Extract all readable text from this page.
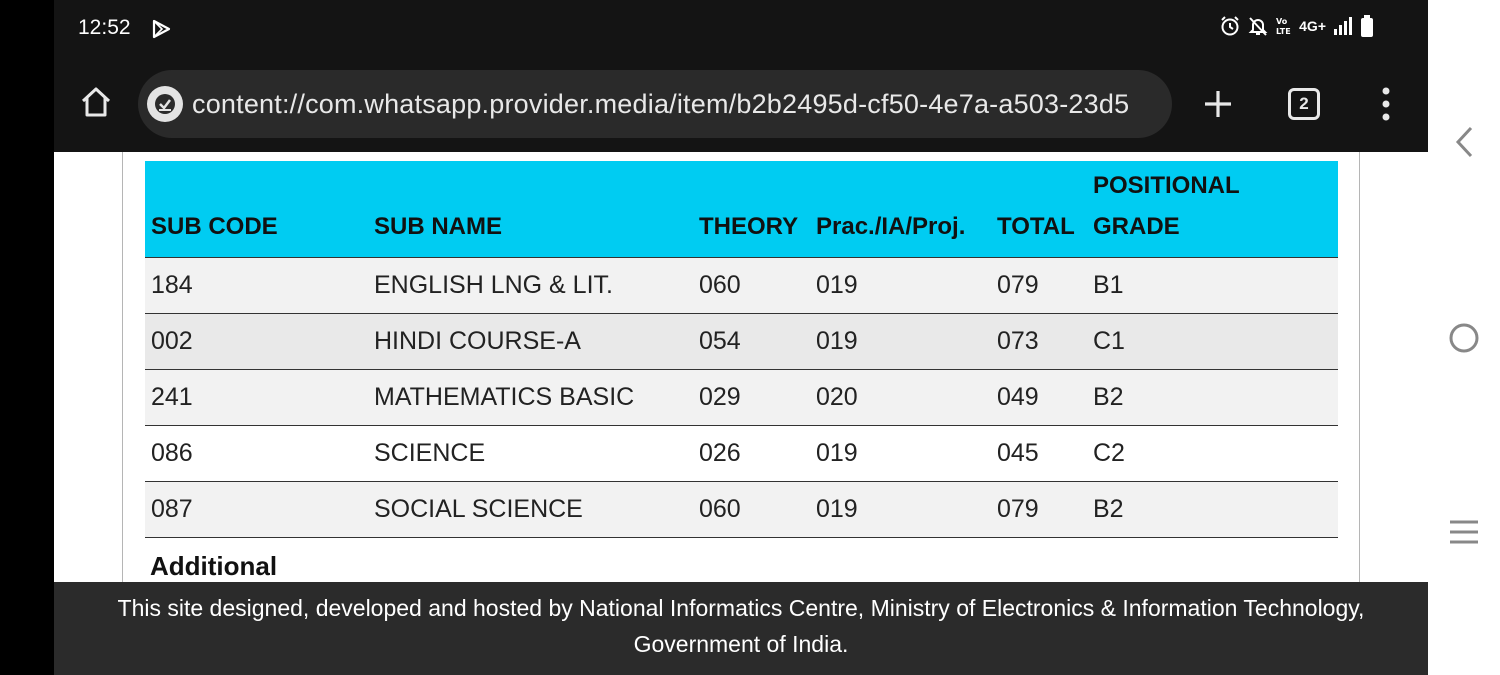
12:52	Vo
LTE 4G+
content://com.whatsapp.provider.media/item/b2b2495d-cf50-4e7a-a503-23d5	2
SUB CODE	SUB NAME	THEORY	Prac./IA/Proj.	TOTAL	POSITIONAL
GRADE
184	ENGLISH LNG & LIT.	060	019	079	B1
002	HINDI COURSE-A	054	019	073	C1
241	MATHEMATICS BASIC	029	020	049	B2
086	SCIENCE	026	019	045	C2
087	SOCIAL SCIENCE	060	019	079	B2
Additional
This site designed, developed and hosted by National Informatics Centre, Ministry of Electronics & Information Technology,
Government of India.
